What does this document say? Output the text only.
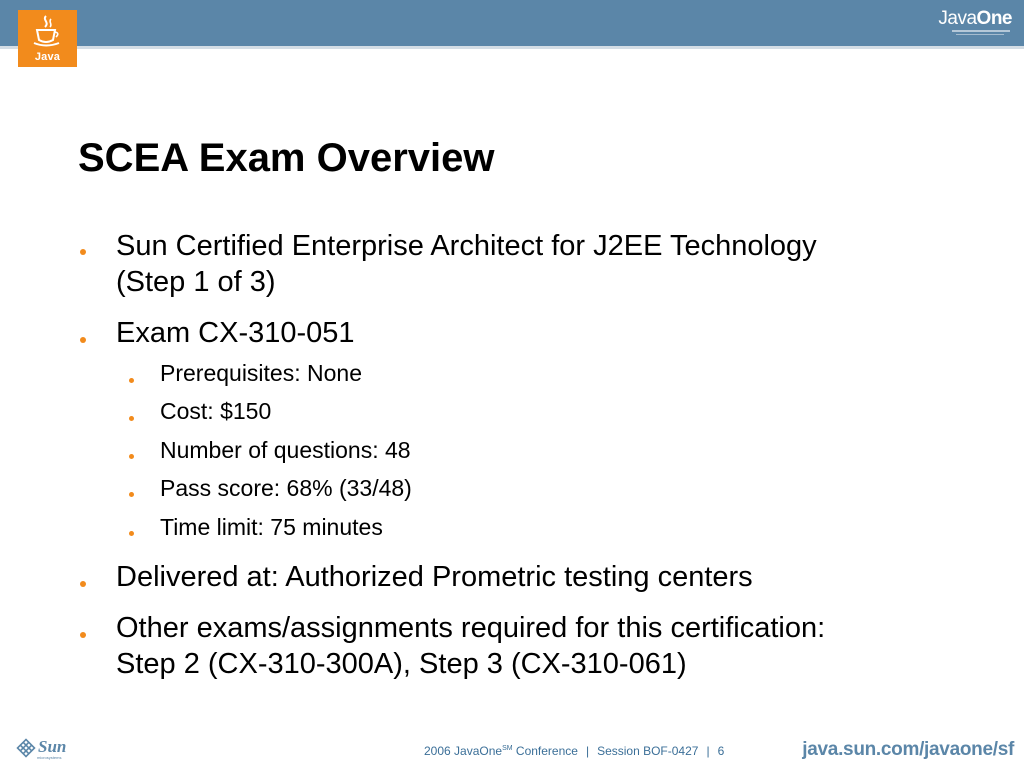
Java
JavaOne
SCEA Exam Overview
Sun Certified Enterprise Architect for J2EE Technology
(Step 1 of 3)
Exam CX-310-051
Prerequisites: None
Cost: $150
Number of questions: 48
Pass score: 68% (33/48)
Time limit: 75 minutes
Delivered at: Authorized Prometric testing centers
Other exams/assignments required for this certification:
Step 2 (CX-310-300A), Step 3 (CX-310-061)
Sun
microsystems	2006 JavaOne℠ Conference | Session BOF-0427 | 6	java.sun.com/javaone/sf
